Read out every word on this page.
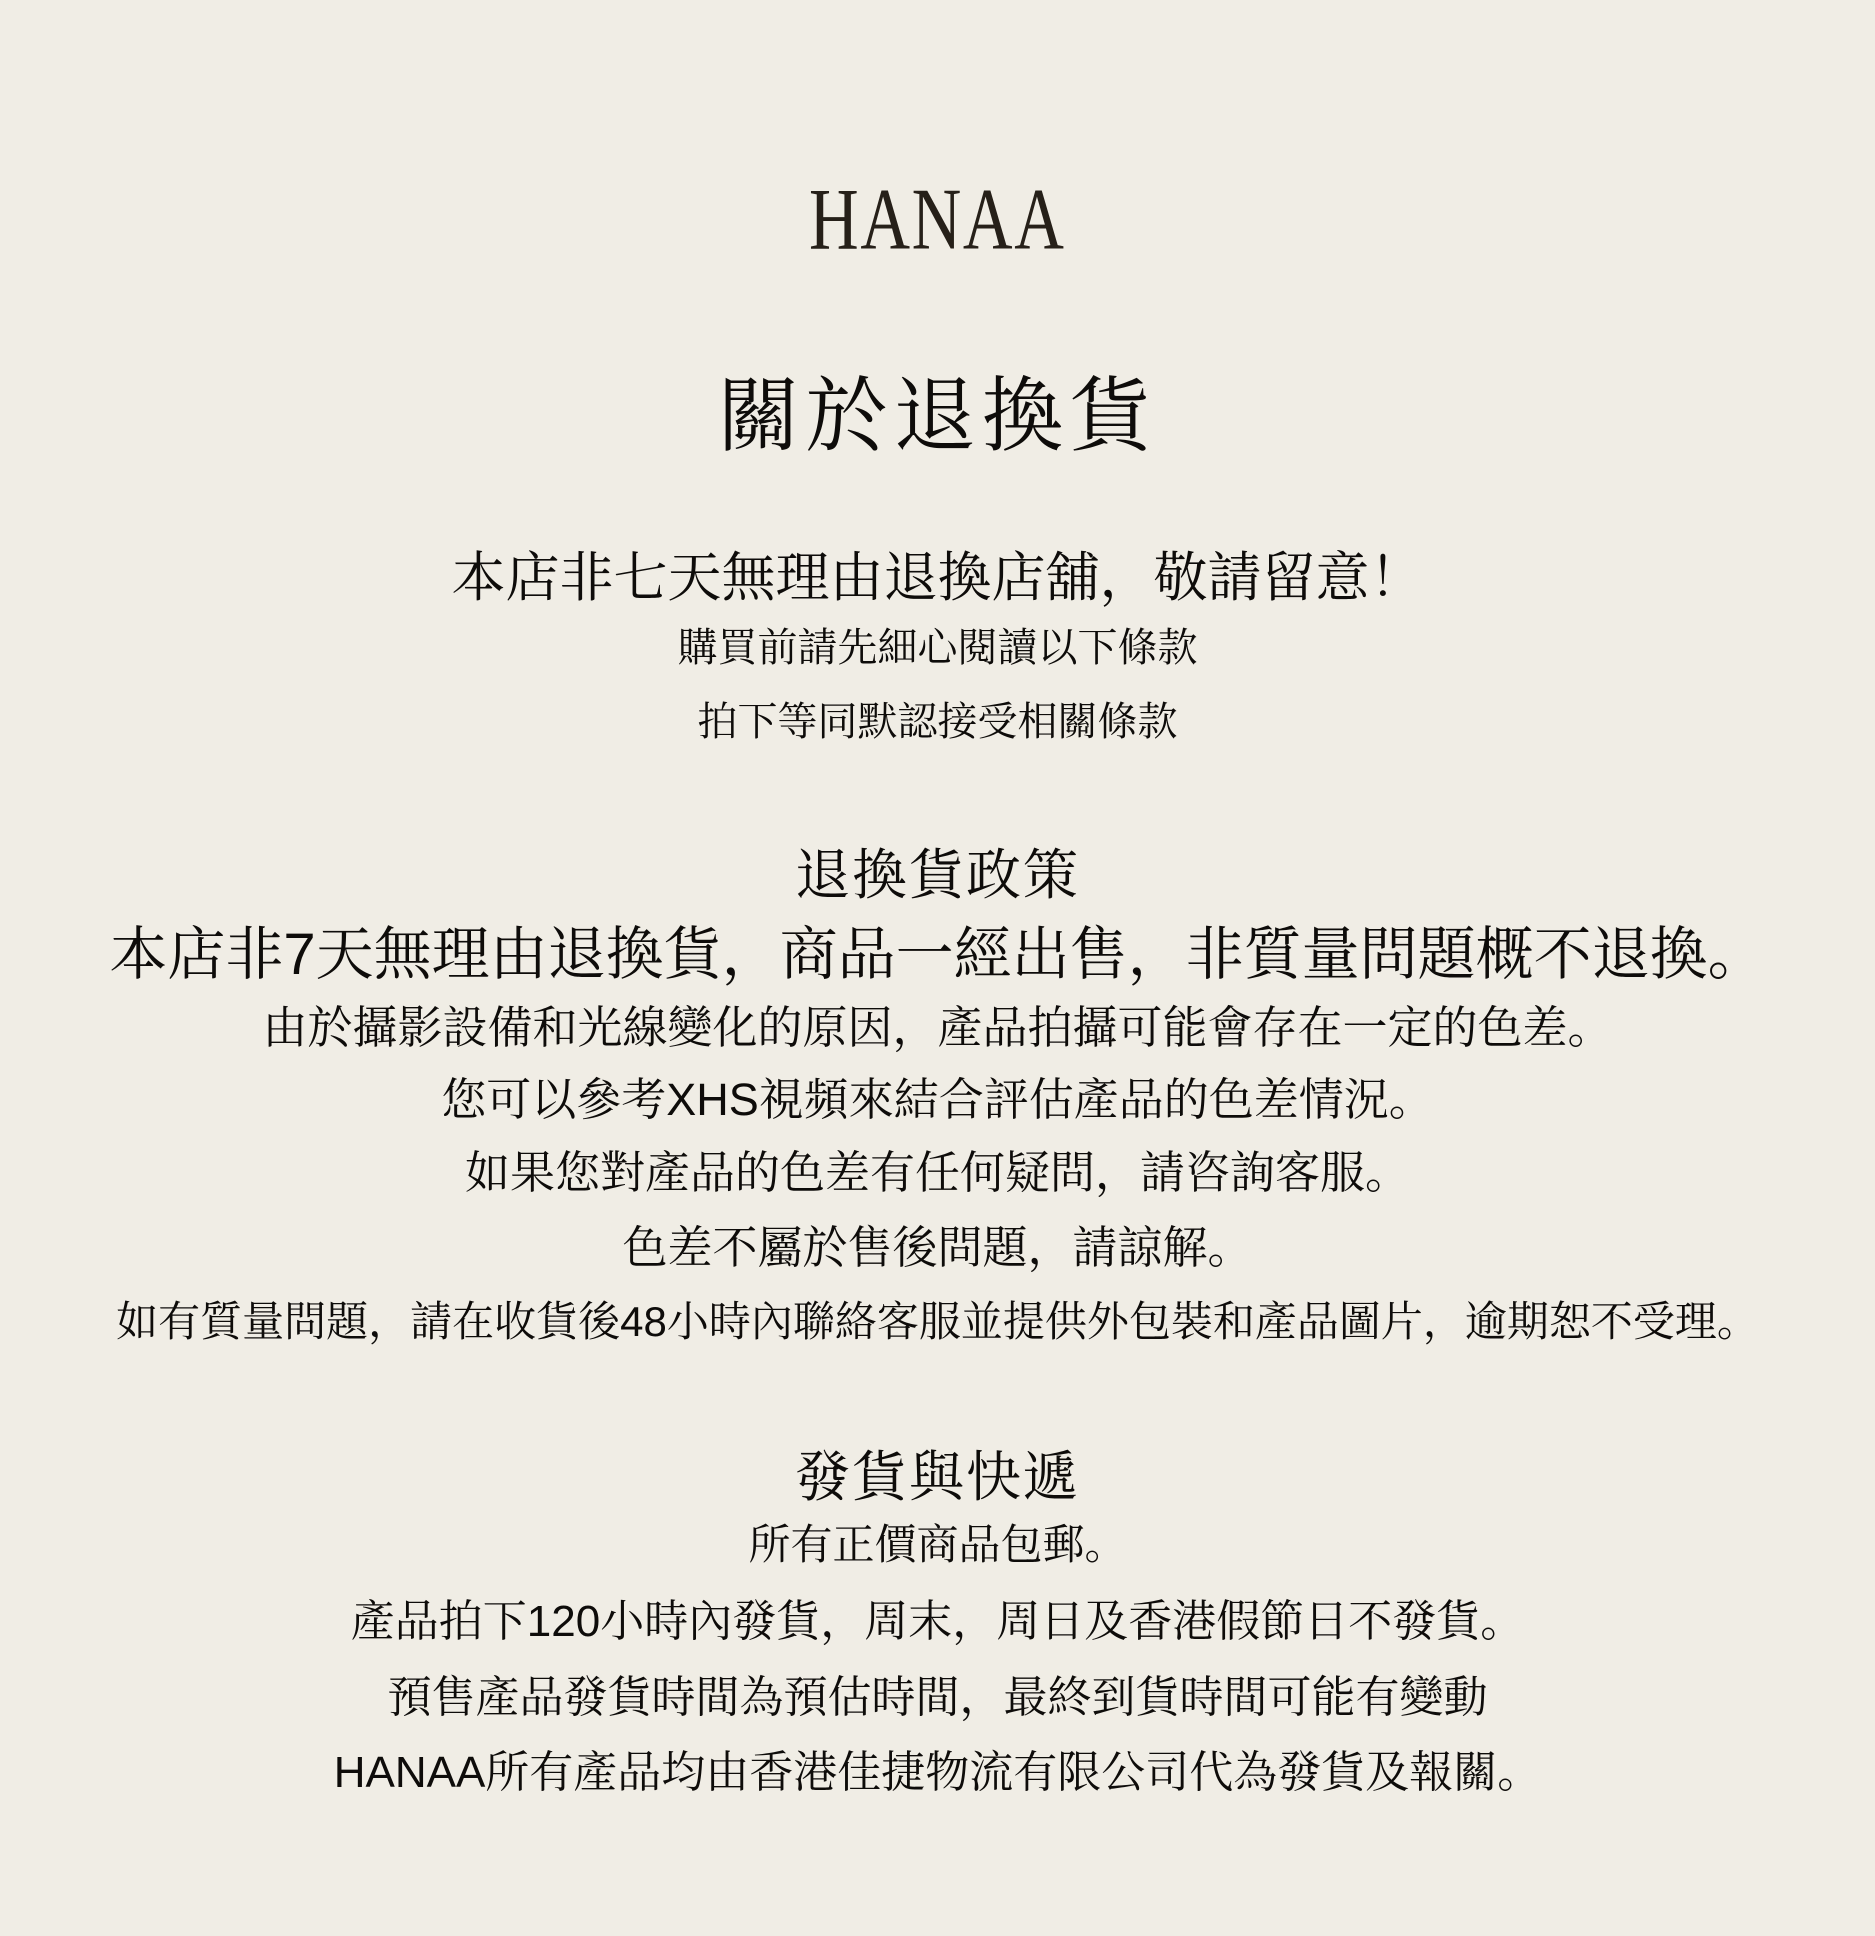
HANAA
關於退換貨
本店非七天無理由退換店舖，敬請留意！
購買前請先細心閱讀以下條款
拍下等同默認接受相關條款
退換貨政策
本店非7天無理由退換貨，商品一經出售，非質量問題概不退換。
由於攝影設備和光線變化的原因，產品拍攝可能會存在一定的色差。
您可以參考XHS視頻來結合評估產品的色差情況。
如果您對產品的色差有任何疑問，請咨詢客服。
色差不屬於售後問題，請諒解。
如有質量問題，請在收貨後48小時內聯絡客服並提供外包裝和產品圖片，逾期恕不受理。
發貨與快遞
所有正價商品包郵。
產品拍下120小時內發貨，周末，周日及香港假節日不發貨。
預售產品發貨時間為預估時間，最終到貨時間可能有變動
HANAA所有產品均由香港佳捷物流有限公司代為發貨及報關。
